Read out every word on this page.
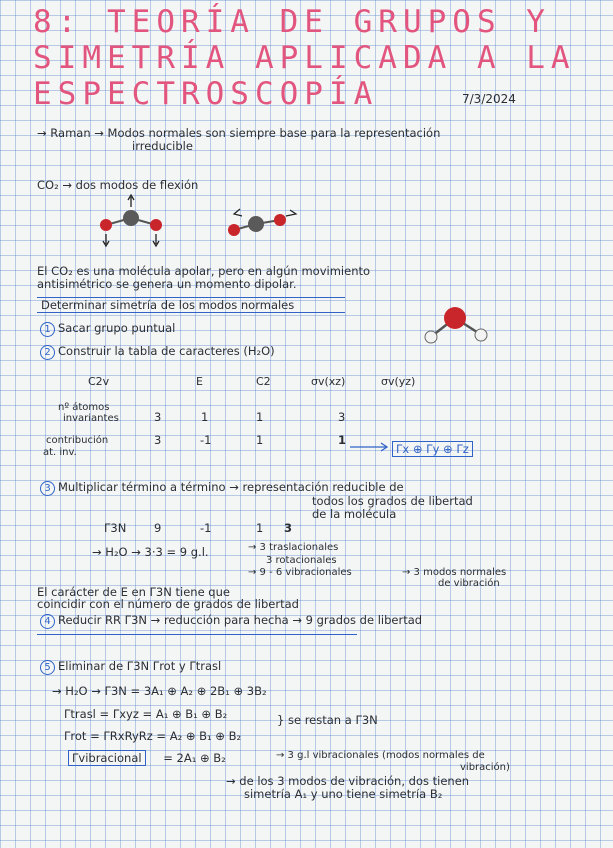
8: TEORÍA DE GRUPOS Y
SIMETRÍA APLICADA A LA
ESPECTROSCOPÍA	7/3/2024
→ Raman → Modos normales son siempre base para la representación
irreducible
CO₂ → dos modos de flexión
El CO₂ es una molécula apolar, pero en algún movimiento
antisimétrico se genera un momento dipolar.
Determinar simetría de los modos normales
1 Sacar grupo puntual
2 Construir la tabla de caracteres (H₂O)
C2v	E	C2	σv(xz)	σv(yz)
nº átomos
invariantes	3	1	1	3
contribución
at. inv.
3	-1	1	1
Γx ⊕ Γy ⊕ Γz
3 Multiplicar término a término → representación reducible de
todos los grados de libertad
de la molécula
Γ3N 9	-1	1 3
→ H₂O → 3·3 = 9 g.l.	→ 3 traslacionales
3 rotacionales
→ 9 - 6 vibracionales	→ 3 modos normales
de vibración
El carácter de E en Γ3N tiene que
coincidir con el número de grados de libertad
4 Reducir RR Γ3N → reducción para hecha → 9 grados de libertad
5 Eliminar de Γ3N Γrot y Γtrasl
→ H₂O → Γ3N = 3A₁ ⊕ A₂ ⊕ 2B₁ ⊕ 3B₂
Γtrasl = Γxyz = A₁ ⊕ B₁ ⊕ B₂
Γrot = ΓRxRyRz = A₂ ⊕ B₁ ⊕ B₂
} se restan a Γ3N
Γvibracional = 2A₁ ⊕ B₂	→ 3 g.l vibracionales (modos normales de
vibración)
→ de los 3 modos de vibración, dos tienen
simetría A₁ y uno tiene simetría B₂
